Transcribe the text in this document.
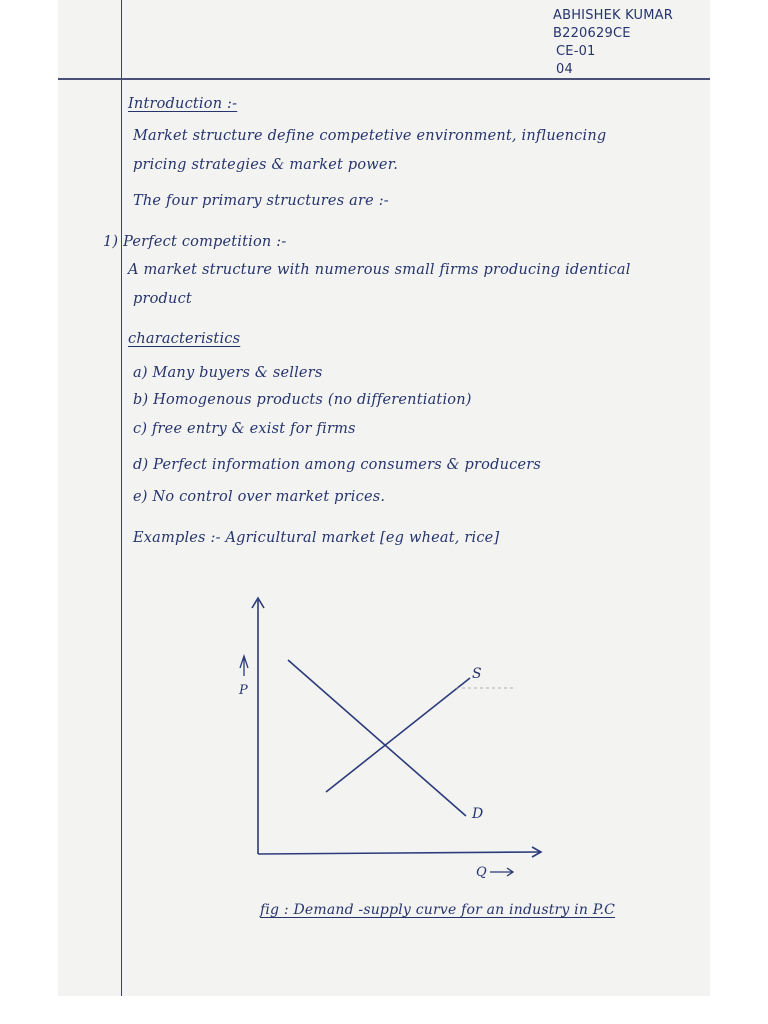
ABHISHEK KUMAR
B220629CE
CE-01
04
Introduction :-
Market structure define competetive environment, influencing
pricing strategies & market power.
The four primary structures are :-
1) Perfect competition :-
A market structure with numerous small firms producing identical
product
characteristics
a) Many buyers & sellers
b) Homogenous products (no differentiation)
c) free entry & exist for firms
d) Perfect information among consumers & producers
e) No control over market prices.
Examples :- Agricultural market [eg wheat, rice]
S
D
P
Q
fig : Demand -supply curve for an industry in P.C
